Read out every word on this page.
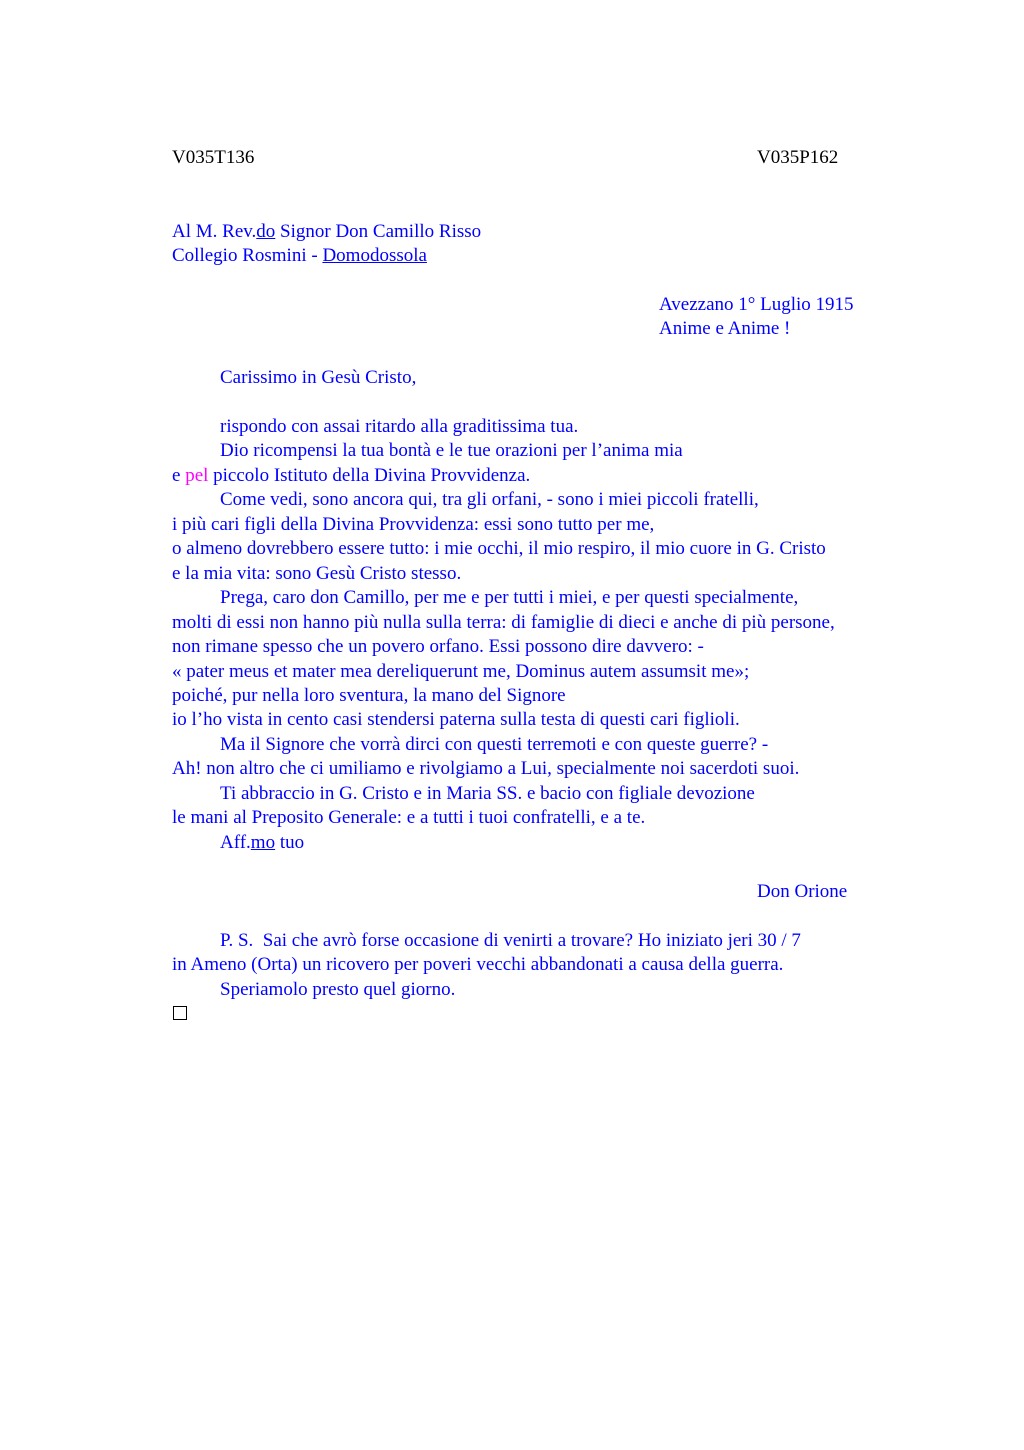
V035T136	V035P162
Al M. Rev.do Signor Don Camillo Risso
Collegio Rosmini - Domodossola
Avezzano 1° Luglio 1915
Anime e Anime !
Carissimo in Gesù Cristo,
rispondo con assai ritardo alla graditissima tua.
Dio ricompensi la tua bontà e le tue orazioni per l’anima mia
e pel piccolo Istituto della Divina Provvidenza.
Come vedi, sono ancora qui, tra gli orfani, - sono i miei piccoli fratelli,
i più cari figli della Divina Provvidenza: essi sono tutto per me,
o almeno dovrebbero essere tutto: i mie occhi, il mio respiro, il mio cuore in G. Cristo
e la mia vita: sono Gesù Cristo stesso.
Prega, caro don Camillo, per me e per tutti i miei, e per questi specialmente,
molti di essi non hanno più nulla sulla terra: di famiglie di dieci e anche di più persone,
non rimane spesso che un povero orfano. Essi possono dire davvero: -
« pater meus et mater mea dereliquerunt me, Dominus autem assumsit me»;
poiché, pur nella loro sventura, la mano del Signore
io l’ho vista in cento casi stendersi paterna sulla testa di questi cari figlioli.
Ma il Signore che vorrà dirci con questi terremoti e con queste guerre? -
Ah! non altro che ci umiliamo e rivolgiamo a Lui, specialmente noi sacerdoti suoi.
Ti abbraccio in G. Cristo e in Maria SS. e bacio con figliale devozione
le mani al Preposito Generale: e a tutti i tuoi confratelli, e a te.
Aff.mo tuo
Don Orione
P. S.  Sai che avrò forse occasione di venirti a trovare? Ho iniziato jeri 30 / 7
in Ameno (Orta) un ricovero per poveri vecchi abbandonati a causa della guerra.
Speriamolo presto quel giorno.
